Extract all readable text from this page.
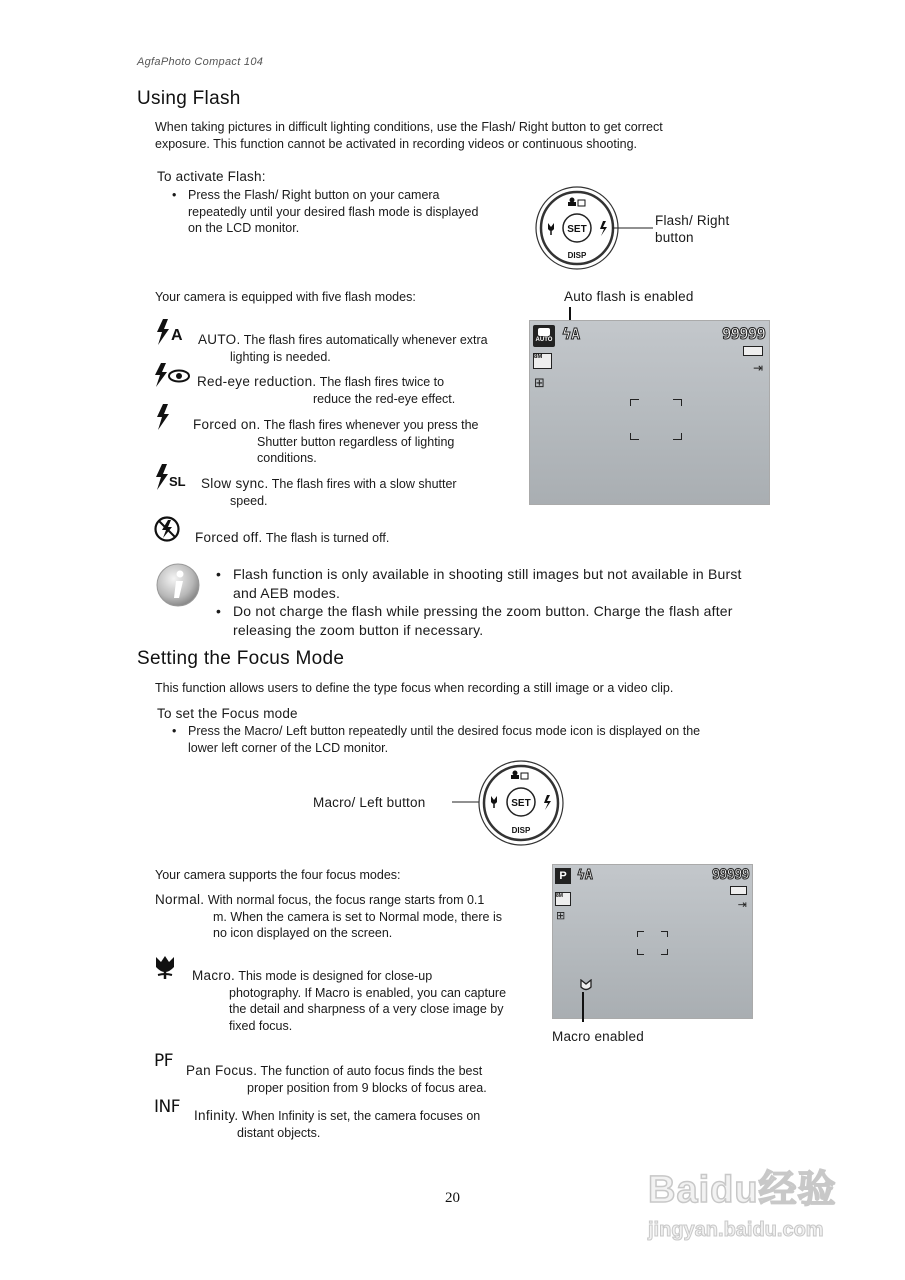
AgfaPhoto Compact 104
Using Flash
When taking pictures in difficult lighting conditions, use the Flash/ Right button to get correct
exposure. This function cannot be activated in recording videos or continuous shooting.
To activate Flash:
• Press the Flash/ Right button on your camera
repeatedly until your desired flash mode is displayed
on the LCD monitor.	SET
DISP
Flash/ Right
button
Your camera is equipped with five flash modes:	Auto flash is enabled
AUTO ϟA	99999
⇥
8M
⊞
A AUTO. The flash fires automatically whenever extra
lighting is needed.
Red-eye reduction. The flash fires twice to
reduce the red-eye effect.
Forced on. The flash fires whenever you press the
Shutter button regardless of lighting
conditions.
SL Slow sync. The flash fires with a slow shutter
speed.
Forced off. The flash is turned off.
• Flash function is only available in shooting still images but not available in Burst
and AEB modes.
• Do not charge the flash while pressing the zoom button. Charge the flash after
releasing the zoom button if necessary.
Setting the Focus Mode
This function allows users to define the type focus when recording a still image or a video clip.
To set the Focus mode
• Press the Macro/ Left button repeatedly until the desired focus mode icon is displayed on the
lower left corner of the LCD monitor.
Macro/ Left button	SET
DISP
Your camera supports the four focus modes:	P ϟA	99999
⇥
8M
⊞
Macro enabled
Normal. With normal focus, the focus range starts from 0.1
m. When the camera is set to Normal mode, there is
no icon displayed on the screen.
Macro. This mode is designed for close-up
photography. If Macro is enabled, you can capture
the detail and sharpness of a very close image by
fixed focus.
PF Pan Focus. The function of auto focus finds the best
proper position from 9 blocks of focus area.
INF Infinity. When Infinity is set, the camera focuses on
distant objects.
20	Baidu经验
jingyan.baidu.com
